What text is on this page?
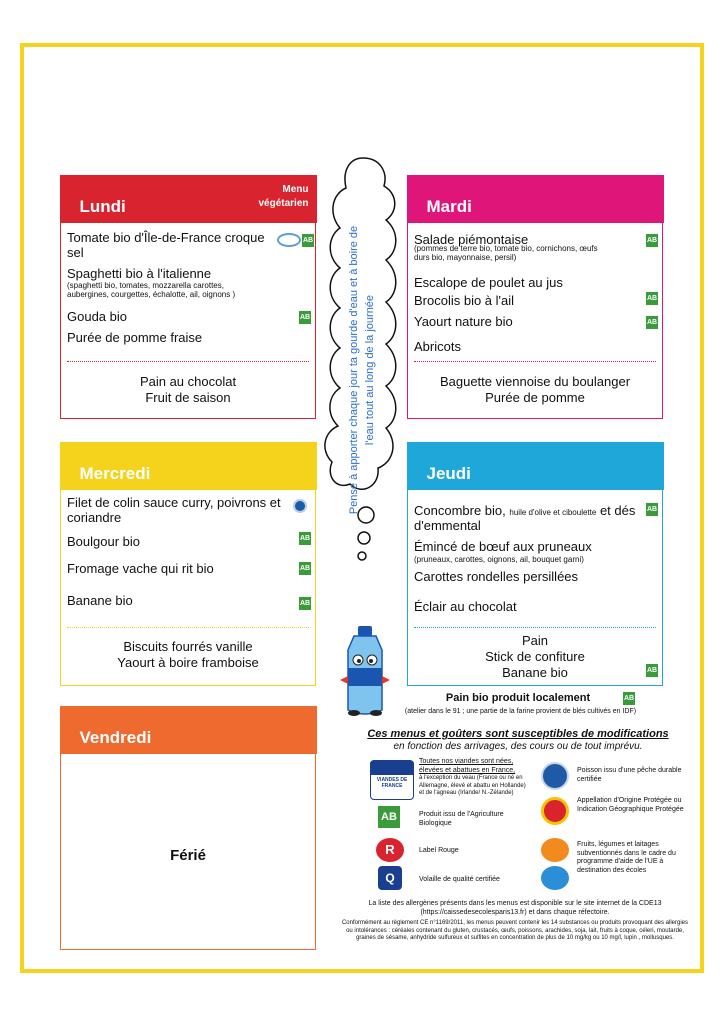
13e
PARIS
CAISSE
DES ÉCOLES
Menu
Du lundi 11 août au vendredi 15 août 2025
Vacances
Lundi
Menu végétarien
Tomate bio d'Île-de-France croque sel
AB
Spaghetti bio à l'italienne
(spaghetti bio, tomates, mozzarella carottes, aubergines, courgettes, échalotte, ail, oignons )
Gouda bio	AB
Purée de pomme fraise
Pain au chocolat
Fruit de saison
Mardi
Salade piémontaise
(pommes de terre bio, tomate bio, cornichons, œufs durs bio, mayonnaise, persil)
AB
Escalope de poulet au jus
Brocolis bio à l'ail	AB
Yaourt nature bio	AB
Abricots
Baguette viennoise du boulanger
Purée de pomme
Mercredi
Filet de colin sauce curry, poivrons et coriandre
Boulgour bio	AB
Fromage vache qui rit bio	AB
Banane bio	AB
Biscuits fourrés vanille
Yaourt à boire framboise
Jeudi
Concombre bio, huile d'olive et ciboulette et dés d'emmental
AB
Émincé de bœuf aux pruneaux
(pruneaux, carottes, oignons, ail, bouquet garni)
Carottes rondelles persillées
Éclair au chocolat
Pain
Stick de confiture
Banane bio	AB
Vendredi
Férié
Pense à apporter chaque jour ta gourde d'eau et à boire de l'eau tout au long de la journée
Pain bio produit localement	AB
(atelier dans le 91 ; une partie de la farine provient de blés cultivés en IDF)
Ces menus et goûters sont susceptibles de modifications
en fonction des arrivages, des cours ou de tout imprévu.
VIANDES DE FRANCE
Toutes nos viandes sont nées, élevées et abattues en France,
à l'exception du veau (France ou né en Allemagne, élevé et abattu en Hollande) et de l'agneau (Irlande/ N.-Zélande)
AB	Produit issu de l'Agriculture Biologique
R	Label Rouge
Q	Volaille de qualité certifiée
Poisson issu d'une pêche durable certifiée
Appellation d'Origine Protégée ou Indication Géographique Protégée
Fruits, légumes et laitages subventionnés dans le cadre du programme d'aide de l'UE à destination des écoles
La liste des allergènes présents dans les menus est disponible sur le site internet de la CDE13 (https://caissedesecolesparis13.fr) et dans chaque réfectoire.
Conformément au règlement CE n°1169/2011, les menus peuvent contenir les 14 substances ou produits provoquant des allergies ou intolérances : céréales contenant du gluten, crustacés, œufs, poissons, arachides, soja, lait, fruits à coque, céleri, moutarde, graines de sésame, anhydride sulfureux et sulfites en concentration de plus de 10 mg/kg ou 10 mg/l, lupin , mollusques.
